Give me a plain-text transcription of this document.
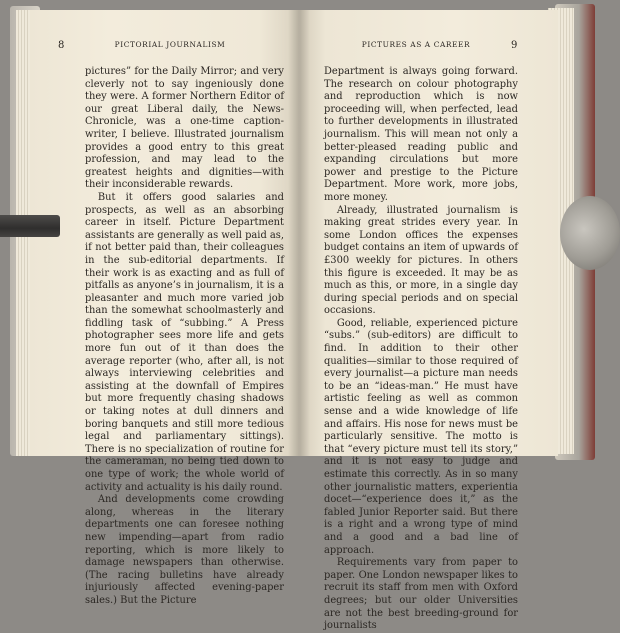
pictures” for the Daily Mirror; and very cleverly not to say ingeniously done they were. A former Northern Editor of our great Liberal daily, the News-Chronicle, was a one-time caption-writer, I believe. Illustrated journalism provides a good entry to this great profession, and may lead to the greatest heights and dignities—with their inconsiderable rewards.

But it offers good salaries and prospects, as well as an absorbing career in itself. Picture Department assistants are generally as well paid as, if not better paid than, their colleagues in the sub-editorial departments. If their work is as exacting and as full of pitfalls as anyone’s in journalism, it is a pleasanter and much more varied job than the somewhat schoolmasterly and fiddling task of “subbing.” A Press photographer sees more life and gets more fun out of it than does the average reporter (who, after all, is not always interviewing celebrities and assisting at the downfall of Empires but more frequently chasing shadows or taking notes at dull dinners and boring banquets and still more tedious legal and parliamentary sittings). There is no specialization of routine for the cameraman, no being tied down to one type of work; the whole world of activity and actuality is his daily round.

And developments come crowding along, whereas in the literary departments one can foresee nothing new impending—apart from radio reporting, which is more likely to damage newspapers than otherwise. (The racing bulletins have already injuriously affected evening-paper sales.) But the Picture

Department is always going forward. The research on colour photography and reproduction which is now proceeding will, when perfected, lead to further developments in illustrated journalism. This will mean not only a better-pleased reading public and expanding circulations but more power and prestige to the Picture Department. More work, more jobs, more money.

Already, illustrated journalism is making great strides every year. In some London offices the expenses budget contains an item of upwards of £300 weekly for pictures. In others this figure is exceeded. It may be as much as this, or more, in a single day during special periods and on special occasions.

Good, reliable, experienced picture “subs.” (sub-editors) are difficult to find. In addition to their other qualities—similar to those required of every journalist—a picture man needs to be an “ideas-man.” He must have artistic feeling as well as common sense and a wide knowledge of life and affairs. His nose for news must be particularly sensitive. The motto is that “every picture must tell its story,” and it is not easy to judge and estimate this correctly. As in so many other journalistic matters, experientia docet—“experience does it,” as the fabled Junior Reporter said. But there is a right and a wrong type of mind and a good and a bad line of approach.

Requirements vary from paper to paper. One London newspaper likes to recruit its staff from men with Oxford degrees; but our older Universities are not the best breeding-ground for journalists

8	PICTORIAL JOURNALISM	9
PICTURES AS A CAREER
